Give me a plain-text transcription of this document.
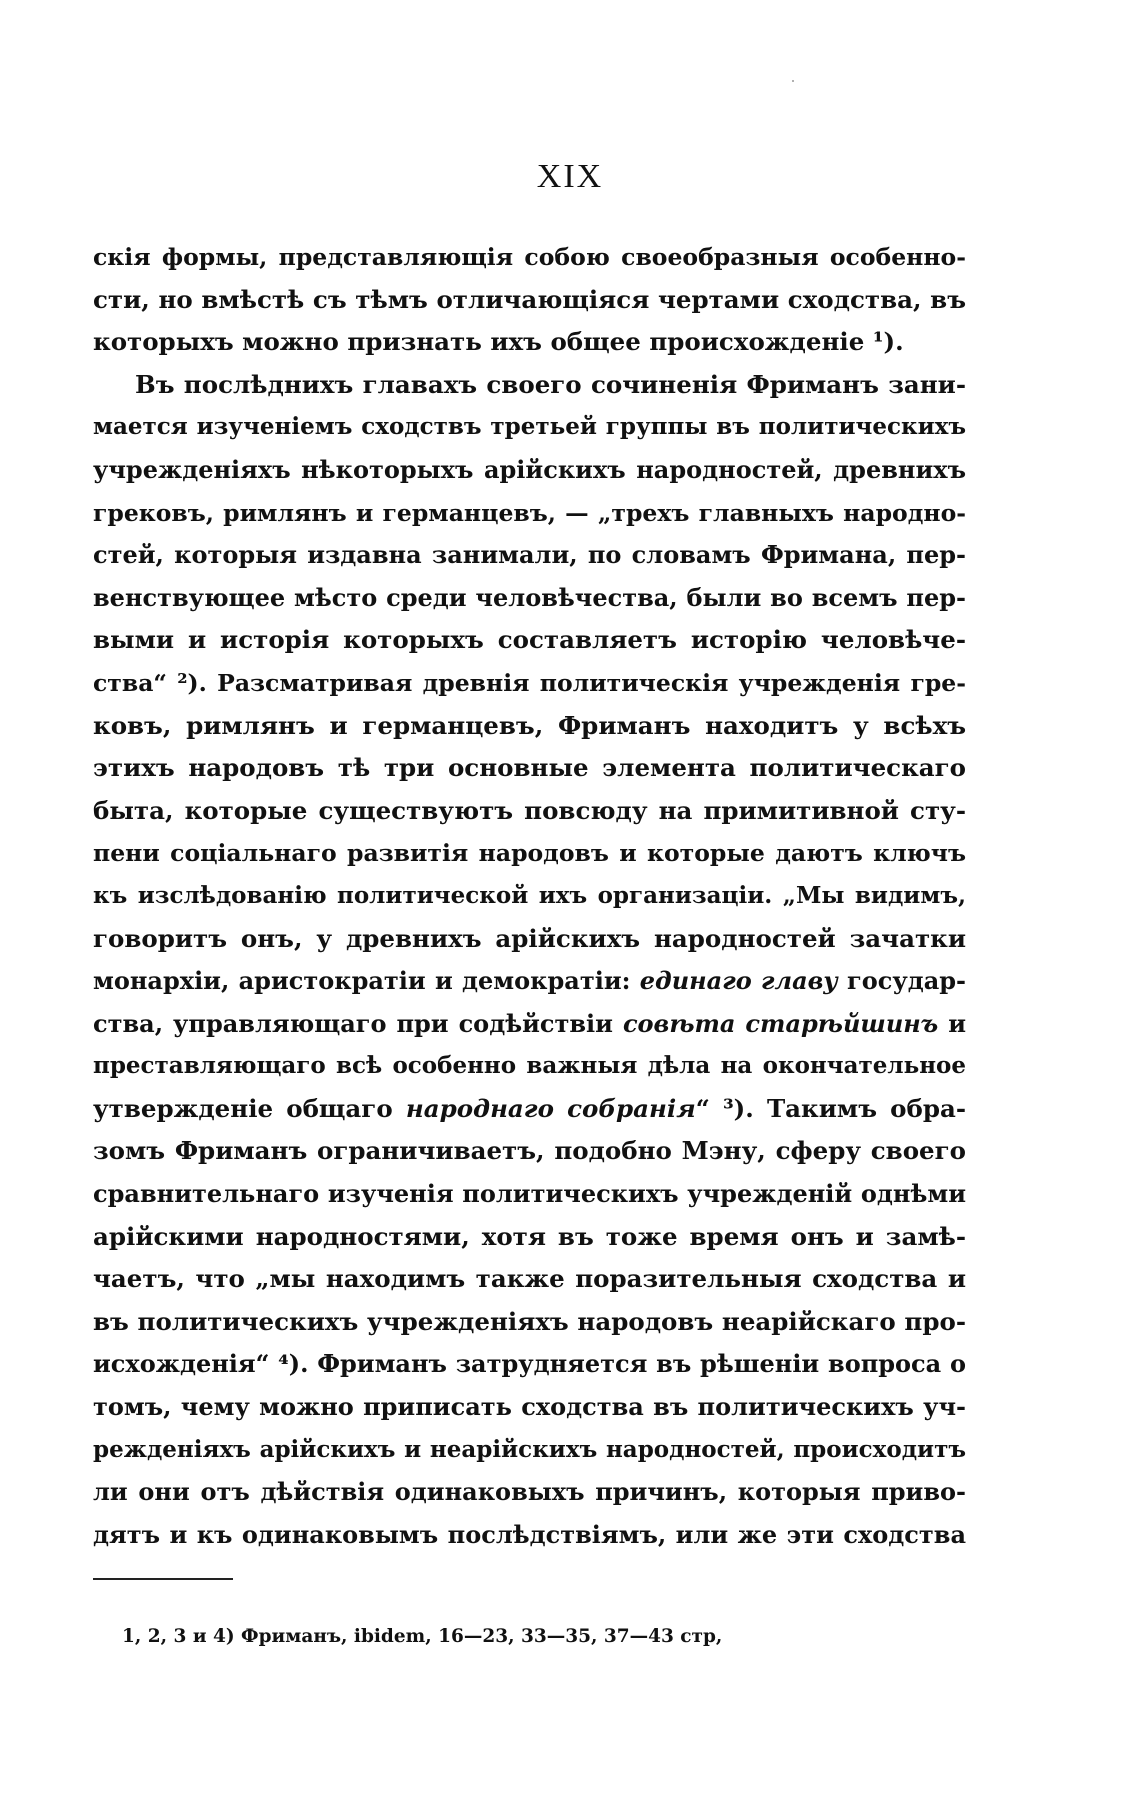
XIX
скія формы, представляющія собою своеобразныя особенно-
сти, но вмѣстѣ съ тѣмъ отличающіяся чертами сходства, въ
которыхъ можно признать ихъ общее происхожденіе ¹).
Въ послѣднихъ главахъ своего сочиненія Фриманъ зани-
мается изученіемъ сходствъ третьей группы въ политическихъ
учрежденіяхъ нѣкоторыхъ арійскихъ народностей, древнихъ
грековъ, римлянъ и германцевъ, — „трехъ главныхъ народно-
стей, которыя издавна занимали, по словамъ Фримана, пер-
венствующее мѣсто среди человѣчества, были во всемъ пер-
выми и исторія которыхъ составляетъ исторію человѣче-
ства“ ²). Разсматривая древнія политическія учрежденія гре-
ковъ, римлянъ и германцевъ, Фриманъ находитъ у всѣхъ
этихъ народовъ тѣ три основные элемента политическаго
быта, которые существуютъ повсюду на примитивной сту-
пени соціальнаго развитія народовъ и которые даютъ ключъ
къ изслѣдованію политической ихъ организаціи. „Мы видимъ,
говоритъ онъ, у древнихъ арійскихъ народностей зачатки
монархіи, аристократіи и демократіи: единаго главу государ-
ства, управляющаго при содѣйствіи совѣта старѣйшинъ и
преставляющаго всѣ особенно важныя дѣла на окончательное
утвержденіе общаго народнаго собранія“ ³). Такимъ обра-
зомъ Фриманъ ограничиваетъ, подобно Мэну, сферу своего
сравнительнаго изученія политическихъ учрежденій однѣми
арійскими народностями, хотя въ тоже время онъ и замѣ-
чаетъ, что „мы находимъ также поразительныя сходства и
въ политическихъ учрежденіяхъ народовъ неарійскаго про-
исхожденія“ ⁴). Фриманъ затрудняется въ рѣшеніи вопроса о
томъ, чему можно приписать сходства въ политическихъ уч-
режденіяхъ арійскихъ и неарійскихъ народностей, происходитъ
ли они отъ дѣйствія одинаковыхъ причинъ, которыя приво-
дятъ и къ одинаковымъ послѣдствіямъ, или же эти сходства
1, 2, 3 и 4) Фриманъ, ibidem, 16—23, 33—35, 37—43 стр,
